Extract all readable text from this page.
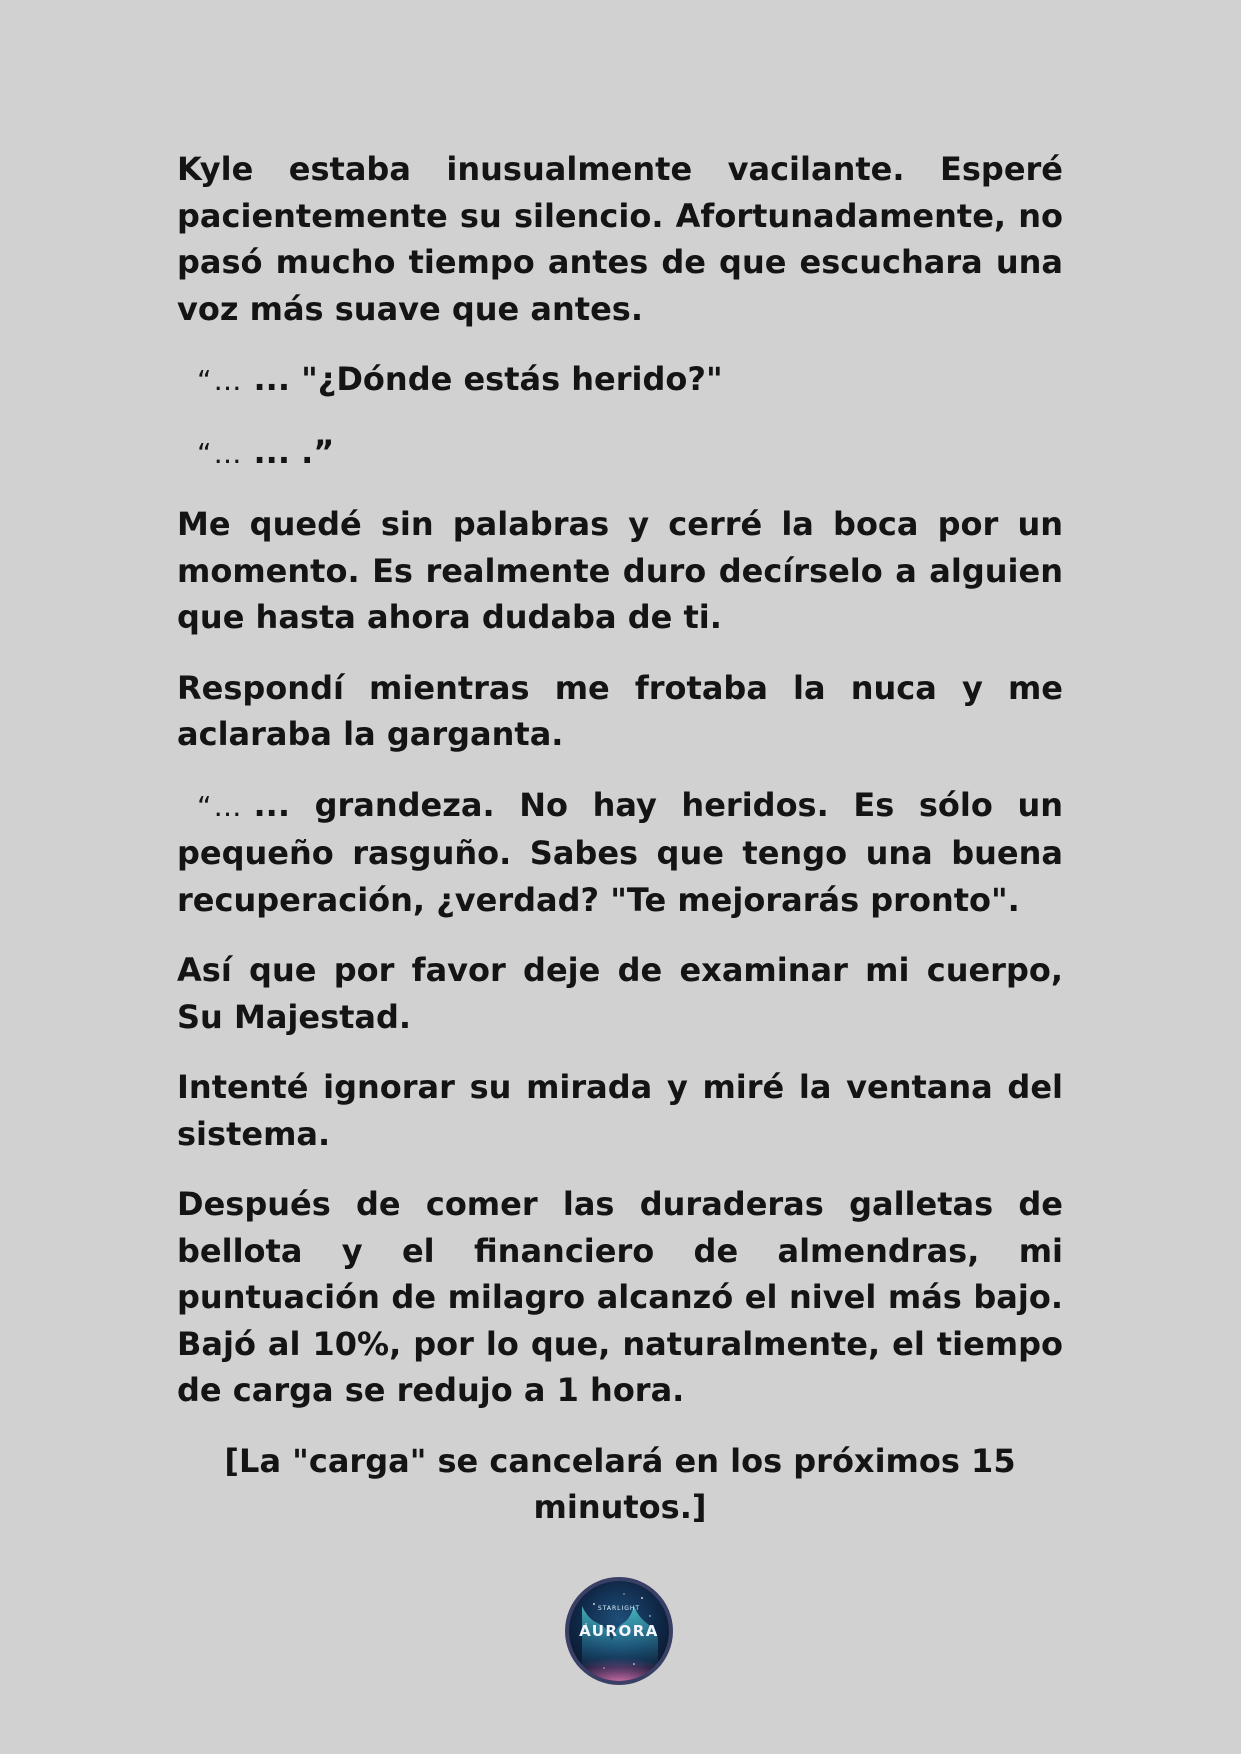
Kyle estaba inusualmente vacilante. Esperé pacientemente su silencio. Afortunadamente, no pasó mucho tiempo antes de que escuchara una voz más suave que antes.

“… ... "¿Dónde estás herido?"

“… ... .”

Me quedé sin palabras y cerré la boca por un momento. Es realmente duro decírselo a alguien que hasta ahora dudaba de ti.

Respondí mientras me frotaba la nuca y me aclaraba la garganta.

“… ... grandeza. No hay heridos. Es sólo un pequeño rasguño. Sabes que tengo una buena recuperación, ¿verdad? "Te mejorarás pronto".

Así que por favor deje de examinar mi cuerpo, Su Majestad.

Intenté ignorar su mirada y miré la ventana del sistema.

Después de comer las duraderas galletas de bellota y el financiero de almendras, mi puntuación de milagro alcanzó el nivel más bajo. Bajó al 10%, por lo que, naturalmente, el tiempo de carga se redujo a 1 hora.

[La "carga" se cancelará en los próximos 15 minutos.]

STARLIGHT
AURORA
